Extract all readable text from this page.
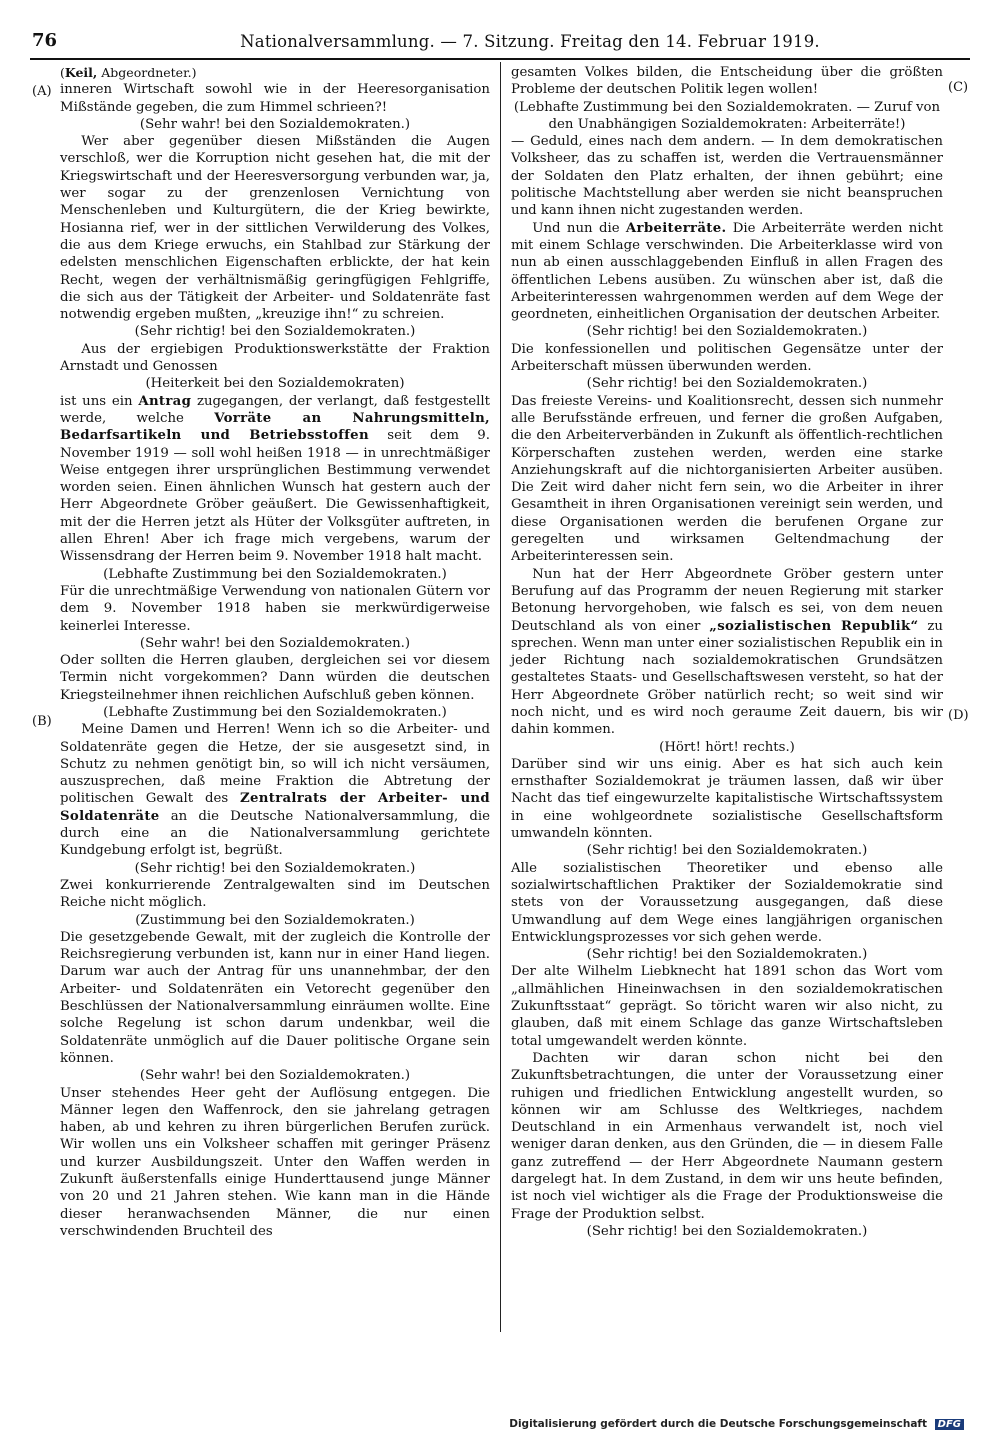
76	Nationalversammlung. — 7. Sitzung. Freitag den 14. Februar 1919.
(A)
(B)
(C)
(D)

(Keil, Abgeordneter.)

inneren Wirtschaft sowohl wie in der Heeresorganisation Mißstände gegeben, die zum Himmel schrieen?!

(Sehr wahr! bei den Sozialdemokraten.)

Wer aber gegenüber diesen Mißständen die Augen verschloß, wer die Korruption nicht gesehen hat, die mit der Kriegswirtschaft und der Heeresversorgung verbunden war, ja, wer sogar zu der grenzenlosen Vernichtung von Menschenleben und Kulturgütern, die der Krieg bewirkte, Hosianna rief, wer in der sittlichen Verwilderung des Volkes, die aus dem Kriege erwuchs, ein Stahlbad zur Stärkung der edelsten menschlichen Eigenschaften erblickte, der hat kein Recht, wegen der verhältnismäßig geringfügigen Fehlgriffe, die sich aus der Tätigkeit der Arbeiter- und Soldatenräte fast notwendig ergeben mußten, „kreuzige ihn!“ zu schreien.

(Sehr richtig! bei den Sozialdemokraten.)

Aus der ergiebigen Produktionswerkstätte der Fraktion Arnstadt und Genossen

(Heiterkeit bei den Sozialdemokraten)

ist uns ein Antrag zugegangen, der verlangt, daß festgestellt werde, welche Vorräte an Nahrungsmitteln, Bedarfsartikeln und Betriebsstoffen seit dem 9. November 1919 — soll wohl heißen 1918 — in unrechtmäßiger Weise entgegen ihrer ursprünglichen Bestimmung verwendet worden seien. Einen ähnlichen Wunsch hat gestern auch der Herr Abgeordnete Gröber geäußert. Die Gewissenhaftigkeit, mit der die Herren jetzt als Hüter der Volksgüter auftreten, in allen Ehren! Aber ich frage mich vergebens, warum der Wissensdrang der Herren beim 9. November 1918 halt macht.

(Lebhafte Zustimmung bei den Sozialdemokraten.)

Für die unrechtmäßige Verwendung von nationalen Gütern vor dem 9. November 1918 haben sie merkwürdigerweise keinerlei Interesse.

(Sehr wahr! bei den Sozialdemokraten.)

Oder sollten die Herren glauben, dergleichen sei vor diesem Termin nicht vorgekommen? Dann würden die deutschen Kriegsteilnehmer ihnen reichlichen Aufschluß geben können.

(Lebhafte Zustimmung bei den Sozialdemokraten.)

Meine Damen und Herren! Wenn ich so die Arbeiter- und Soldatenräte gegen die Hetze, der sie ausgesetzt sind, in Schutz zu nehmen genötigt bin, so will ich nicht versäumen, auszusprechen, daß meine Fraktion die Abtretung der politischen Gewalt des Zentralrats der Arbeiter- und Soldatenräte an die Deutsche Nationalversammlung, die durch eine an die Nationalversammlung gerichtete Kundgebung erfolgt ist, begrüßt.

(Sehr richtig! bei den Sozialdemokraten.)

Zwei konkurrierende Zentralgewalten sind im Deutschen Reiche nicht möglich.

(Zustimmung bei den Sozialdemokraten.)

Die gesetzgebende Gewalt, mit der zugleich die Kontrolle der Reichsregierung verbunden ist, kann nur in einer Hand liegen. Darum war auch der Antrag für uns unannehmbar, der den Arbeiter- und Soldatenräten ein Vetorecht gegenüber den Beschlüssen der Nationalversammlung einräumen wollte. Eine solche Regelung ist schon darum undenkbar, weil die Soldatenräte unmöglich auf die Dauer politische Organe sein können.

(Sehr wahr! bei den Sozialdemokraten.)

Unser stehendes Heer geht der Auflösung entgegen. Die Männer legen den Waffenrock, den sie jahrelang getragen haben, ab und kehren zu ihren bürgerlichen Berufen zurück. Wir wollen uns ein Volksheer schaffen mit geringer Präsenz und kurzer Ausbildungszeit. Unter den Waffen werden in Zukunft äußerstenfalls einige Hunderttausend junge Männer von 20 und 21 Jahren stehen. Wie kann man in die Hände dieser heranwachsenden Männer, die nur einen verschwindenden Bruchteil des

gesamten Volkes bilden, die Entscheidung über die größten Probleme der deutschen Politik legen wollen!

(Lebhafte Zustimmung bei den Sozialdemokraten. — Zuruf von den Unabhängigen Sozialdemokraten: Arbeiterräte!)

— Geduld, eines nach dem andern. — In dem demokratischen Volksheer, das zu schaffen ist, werden die Vertrauensmänner der Soldaten den Platz erhalten, der ihnen gebührt; eine politische Machtstellung aber werden sie nicht beanspruchen und kann ihnen nicht zugestanden werden.

Und nun die Arbeiterräte. Die Arbeiterräte werden nicht mit einem Schlage verschwinden. Die Arbeiterklasse wird von nun ab einen ausschlaggebenden Einfluß in allen Fragen des öffentlichen Lebens ausüben. Zu wünschen aber ist, daß die Arbeiterinteressen wahrgenommen werden auf dem Wege der geordneten, einheitlichen Organisation der deutschen Arbeiter.

(Sehr richtig! bei den Sozialdemokraten.)

Die konfessionellen und politischen Gegensätze unter der Arbeiterschaft müssen überwunden werden.

(Sehr richtig! bei den Sozialdemokraten.)

Das freieste Vereins- und Koalitionsrecht, dessen sich nunmehr alle Berufsstände erfreuen, und ferner die großen Aufgaben, die den Arbeiterverbänden in Zukunft als öffentlich-rechtlichen Körperschaften zustehen werden, werden eine starke Anziehungskraft auf die nichtorganisierten Arbeiter ausüben. Die Zeit wird daher nicht fern sein, wo die Arbeiter in ihrer Gesamtheit in ihren Organisationen vereinigt sein werden, und diese Organisationen werden die berufenen Organe zur geregelten und wirksamen Geltendmachung der Arbeiterinteressen sein.

Nun hat der Herr Abgeordnete Gröber gestern unter Berufung auf das Programm der neuen Regierung mit starker Betonung hervorgehoben, wie falsch es sei, von dem neuen Deutschland als von einer „sozialistischen Republik“ zu sprechen. Wenn man unter einer sozialistischen Republik ein in jeder Richtung nach sozialdemokratischen Grundsätzen gestaltetes Staats- und Gesellschaftswesen versteht, so hat der Herr Abgeordnete Gröber natürlich recht; so weit sind wir noch nicht, und es wird noch geraume Zeit dauern, bis wir dahin kommen.

(Hört! hört! rechts.)

Darüber sind wir uns einig. Aber es hat sich auch kein ernsthafter Sozialdemokrat je träumen lassen, daß wir über Nacht das tief eingewurzelte kapitalistische Wirtschaftssystem in eine wohlgeordnete sozialistische Gesellschaftsform umwandeln könnten.

(Sehr richtig! bei den Sozialdemokraten.)

Alle sozialistischen Theoretiker und ebenso alle sozialwirtschaftlichen Praktiker der Sozialdemokratie sind stets von der Voraussetzung ausgegangen, daß diese Umwandlung auf dem Wege eines langjährigen organischen Entwicklungsprozesses vor sich gehen werde.

(Sehr richtig! bei den Sozialdemokraten.)

Der alte Wilhelm Liebknecht hat 1891 schon das Wort vom „allmählichen Hineinwachsen in den sozialdemokratischen Zukunftsstaat“ geprägt. So töricht waren wir also nicht, zu glauben, daß mit einem Schlage das ganze Wirtschaftsleben total umgewandelt werden könnte.

Dachten wir daran schon nicht bei den Zukunftsbetrachtungen, die unter der Voraussetzung einer ruhigen und friedlichen Entwicklung angestellt wurden, so können wir am Schlusse des Weltkrieges, nachdem Deutschland in ein Armenhaus verwandelt ist, noch viel weniger daran denken, aus den Gründen, die — in diesem Falle ganz zutreffend — der Herr Abgeordnete Naumann gestern dargelegt hat. In dem Zustand, in dem wir uns heute befinden, ist noch viel wichtiger als die Frage der Produktionsweise die Frage der Produktion selbst.

(Sehr richtig! bei den Sozialdemokraten.)

Digitalisierung gefördert durch die Deutsche Forschungsgemeinschaft DFG
